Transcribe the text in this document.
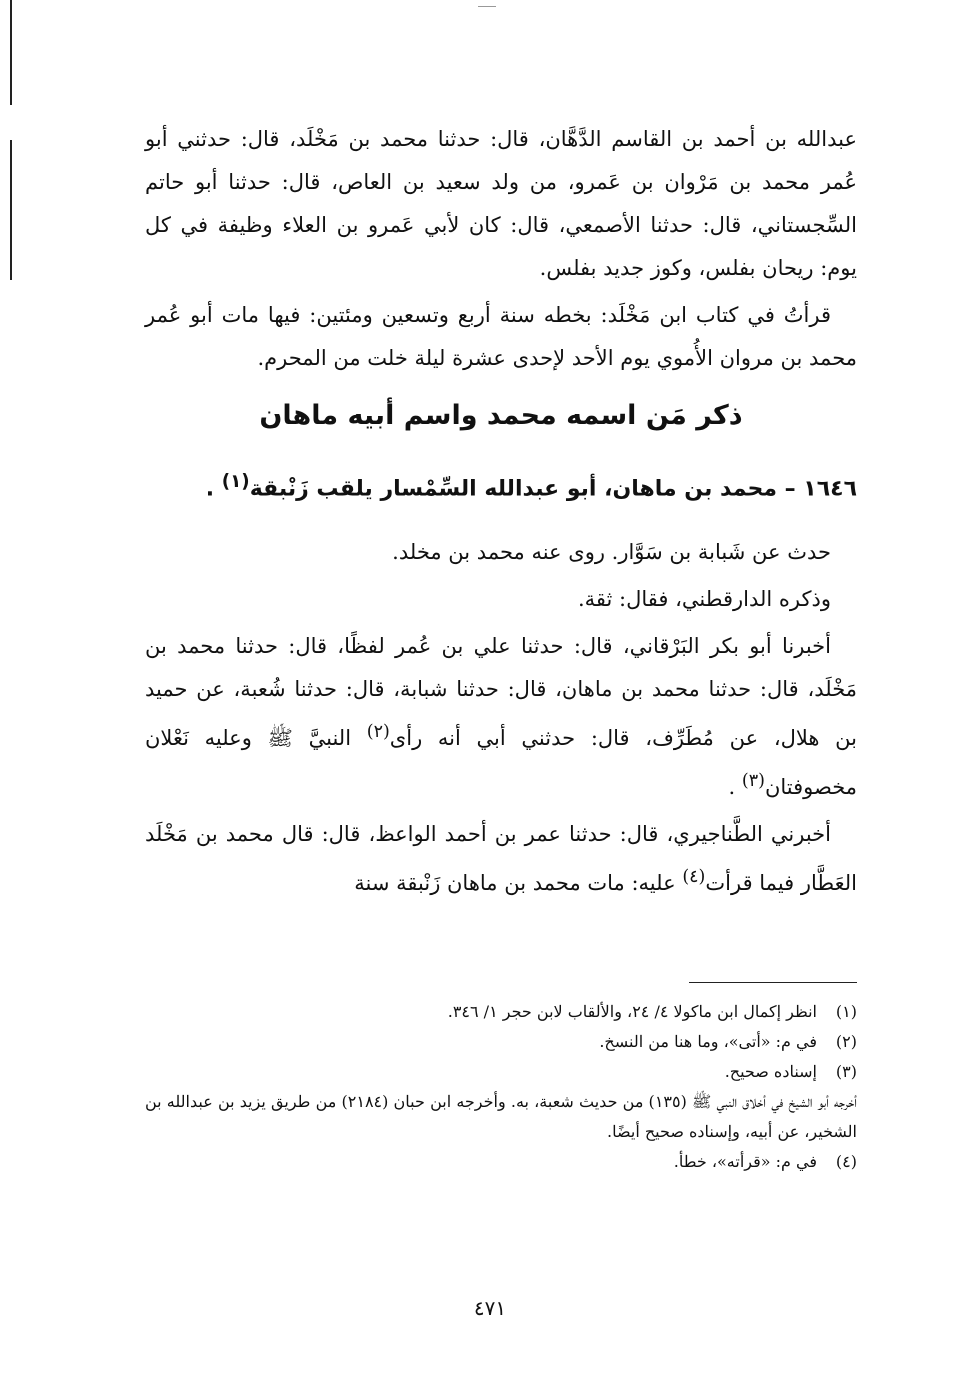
عبدالله بن أحمد بن القاسم الدَّهَّان، قال: حدثنا محمد بن مَخْلَد، قال: حدثني أبو عُمر محمد بن مَرْوان بن عَمرو، من ولد سعيد بن العاص، قال: حدثنا أبو حاتم السِّجستاني، قال: حدثنا الأصمعي، قال: كان لأبي عَمرو بن العلاء وظيفة في كل يوم: ريحان بفلس، وكوز جديد بفلس.

قرأتُ في كتاب ابن مَخْلَد: بخطه سنة أربع وتسعين ومئتين: فيها مات أبو عُمر محمد بن مروان الأُموي يوم الأحد لإحدى عشرة ليلة خلت من المحرم.

ذكر مَن اسمه محمد واسم أبيه ماهان
١٦٤٦ – محمد بن ماهان، أبو عبدالله السِّمْسار يلقب زَنْبقة$^{(١)}$ .

حدث عن شَبابة بن سَوَّار. روى عنه محمد بن مخلد.

وذكره الدارقطني، فقال: ثقة.

أخبرنا أبو بكر البَرْقاني، قال: حدثنا علي بن عُمر لفظًا، قال: حدثنا محمد بن مَخْلَد، قال: حدثنا محمد بن ماهان، قال: حدثنا شبابة، قال: حدثنا شُعبة، عن حميد بن هلال، عن مُطَرِّف، قال: حدثني أبي أنه رأى$^{(٢)}$ النبيَّ ﷺ وعليه نَعْلان مخصوفتان$^{(٣)}$ .

أخبرني الطَّناجيري، قال: حدثنا عمر بن أحمد الواعظ، قال: قال محمد بن مَخْلَد العَطَّار فيما قرأت$^{(٤)}$ عليه: مات محمد بن ماهان زَنْبقة سنة

(١)انظر إكمال ابن ماكولا ٤/ ٢٤، والألقاب لابن حجر ١/ ٣٤٦.

(٢)في م: «أتى»، وما هنا من النسخ.

(٣)إسناده صحيح.

أخرجه أبو الشيخ في أخلاق النبي ﷺ (١٣٥) من حديث شعبة، به. وأخرجه ابن حبان (٢١٨٤) من طريق يزيد بن عبدالله بن الشخير، عن أبيه، وإسناده صحيح أيضًا.

(٤)في م: «قرأته»، خطأ.

٤٧١
